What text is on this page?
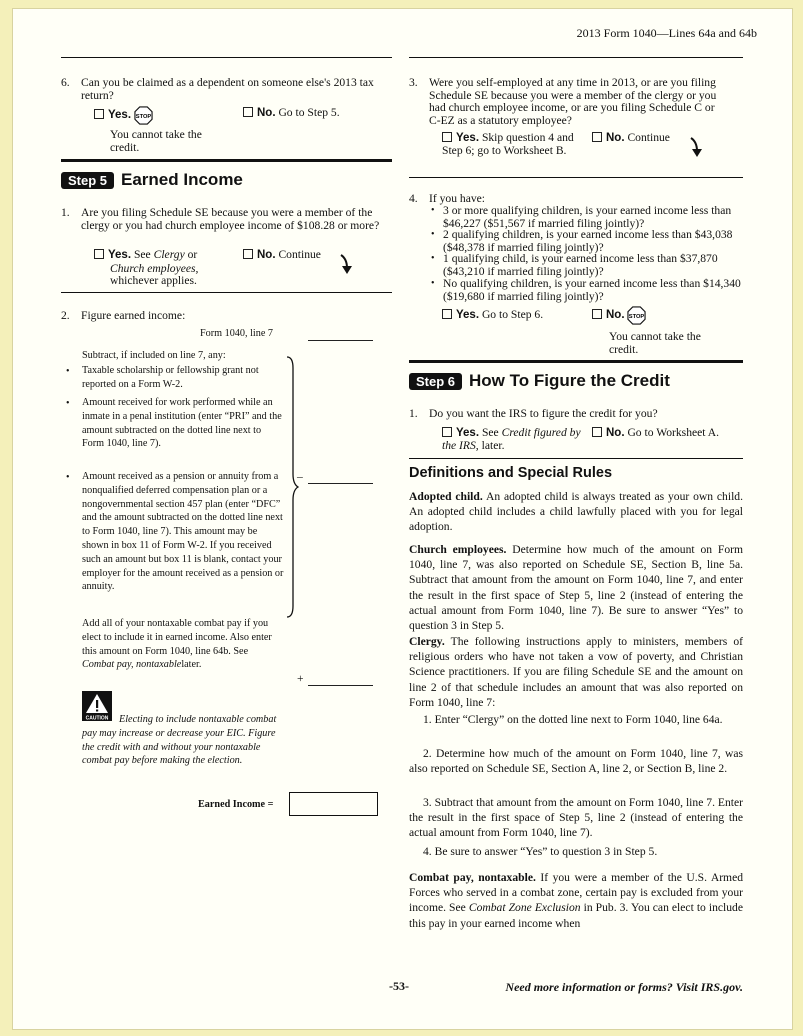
2013 Form 1040—Lines 64a and 64b
6. Can you be claimed as a dependent on someone else's 2013 tax return?
Yes. STOP
You cannot take the credit.
No. Go to Step 5.
Step 5 Earned Income
1. Are you filing Schedule SE because you were a member of the clergy or you had church employee income of $108.28 or more?
Yes. See Clergy or
Church employees,
whichever applies.
No. Continue
2. Figure earned income:
Form 1040, line 7
Subtract, if included on line 7, any:
• Taxable scholarship or fellowship grant not reported on a Form W-2.
• Amount received for work performed while an inmate in a penal institution (enter “PRI” and the amount subtracted on the dotted line next to Form 1040, line 7).
• Amount received as a pension or annuity from a nonqualified deferred compensation plan or a nongovernmental section 457 plan (enter “DFC” and the amount subtracted on the dotted line next to Form 1040, line 7). This amount may be shown in box 11 of Form W-2. If you received such an amount but box 11 is blank, contact your employer for the amount received as a pension or annuity.
–
Add all of your nontaxable combat pay if you elect to include it in earned income. Also enter this amount on Form 1040, line 64b. See Combat pay, nontaxablelater.
+
CAUTION	Electing to include nontaxable combat pay may increase or decrease your EIC. Figure the credit with and without your nontaxable combat pay before making the election.
Earned Income =
3. Were you self-employed at any time in 2013, or are you filing Schedule SE because you were a member of the clergy or you had church employee income, or are you filing Schedule C or C-EZ as a statutory employee?
Yes. Skip question 4 and Step 6; go to Worksheet B.
No. Continue
4. If you have:
• 3 or more qualifying children, is your earned income less than $46,227 ($51,567 if married filing jointly)?
• 2 qualifying children, is your earned income less than $43,038 ($48,378 if married filing jointly)?
• 1 qualifying child, is your earned income less than $37,870 ($43,210 if married filing jointly)?
• No qualifying children, is your earned income less than $14,340 ($19,680 if married filing jointly)?
Yes. Go to Step 6.	No. STOP
You cannot take the credit.
Step 6 How To Figure the Credit
1. Do you want the IRS to figure the credit for you?
Yes. See Credit figured by the IRS, later.
No. Go to Worksheet A.
Definitions and Special Rules
Adopted child. An adopted child is always treated as your own child. An adopted child includes a child lawfully placed with you for legal adoption.
Church employees. Determine how much of the amount on Form 1040, line 7, was also reported on Schedule SE, Section B, line 5a. Subtract that amount from the amount on Form 1040, line 7, and enter the result in the first space of Step 5, line 2 (instead of entering the actual amount from Form 1040, line 7). Be sure to answer “Yes” to question 3 in Step 5.
Clergy. The following instructions apply to ministers, members of religious orders who have not taken a vow of poverty, and Christian Science practitioners. If you are filing Schedule SE and the amount on line 2 of that schedule includes an amount that was also reported on Form 1040, line 7:
1. Enter “Clergy” on the dotted line next to Form 1040, line 64a.
2. Determine how much of the amount on Form 1040, line 7, was also reported on Schedule SE, Section A, line 2, or Section B, line 2.
3. Subtract that amount from the amount on Form 1040, line 7. Enter the result in the first space of Step 5, line 2 (instead of entering the actual amount from Form 1040, line 7).
4. Be sure to answer “Yes” to question 3 in Step 5.
Combat pay, nontaxable. If you were a member of the U.S. Armed Forces who served in a combat zone, certain pay is excluded from your income. See Combat Zone Exclusion in Pub. 3. You can elect to include this pay in your earned income when
-53-	Need more information or forms? Visit IRS.gov.
